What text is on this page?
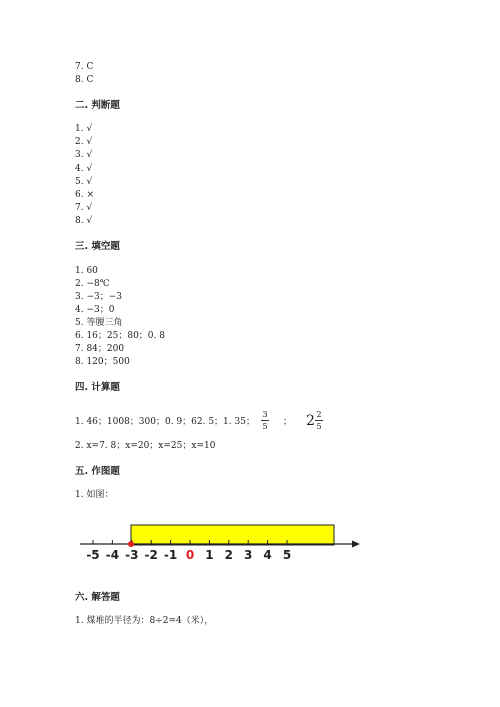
7. C
8. C
二. 判断题
1. √
2. √
3. √
4. √
5. √
6. ×
7. √
8. √
三. 填空题
1. 60
2. −8℃
3. −3；−3
4. −3；0
5. 等腰三角
6. 16；25；80；0. 8
7. 84；200
8. 120；500
四. 计算题
1. 46；1008；300；0. 9；62. 5；1. 35；
3
5 ； 2 2
5
2. x=7. 8；x=20；x=25；x=10
五. 作图题
1. 如图：
-5 -4 -3 -2 -1 0 1 2 3 4 5
六. 解答题
1. 煤堆的半径为：8÷2=4（米），
